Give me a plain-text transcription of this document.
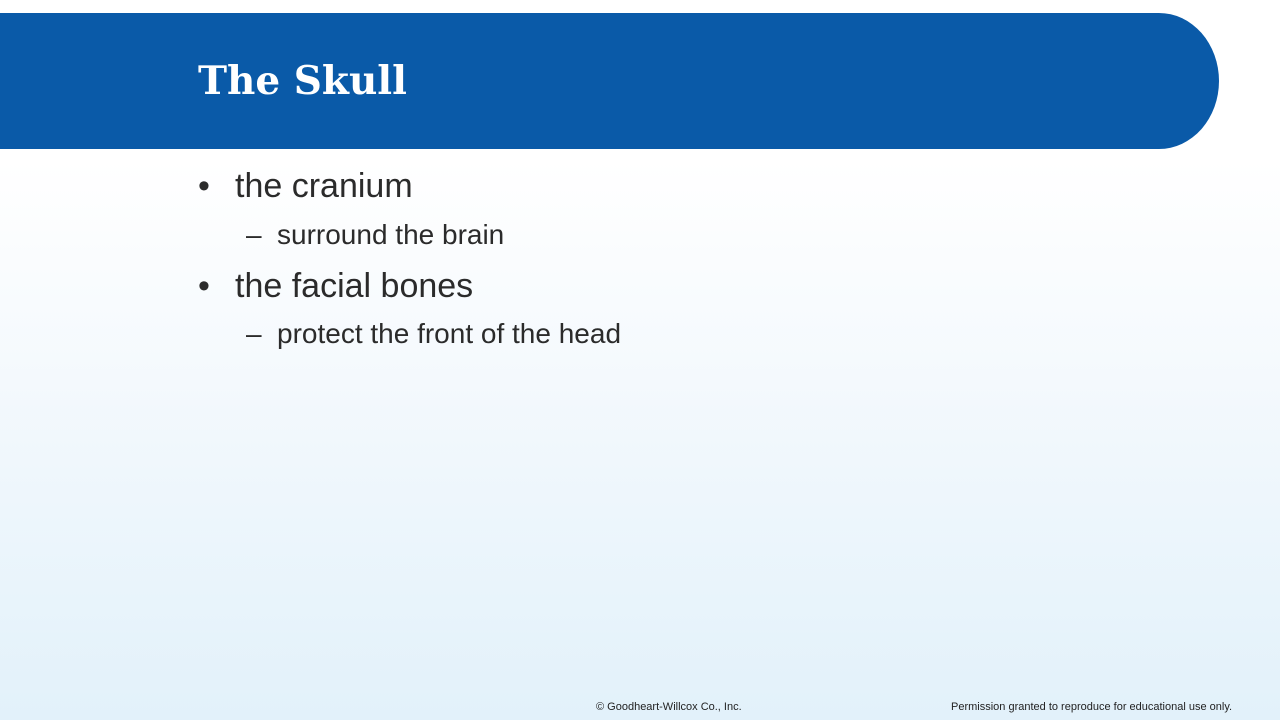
The Skull
• the cranium
– surround the brain
• the facial bones
– protect the front of the head
© Goodheart-Willcox Co., Inc.	Permission granted to reproduce for educational use only.
